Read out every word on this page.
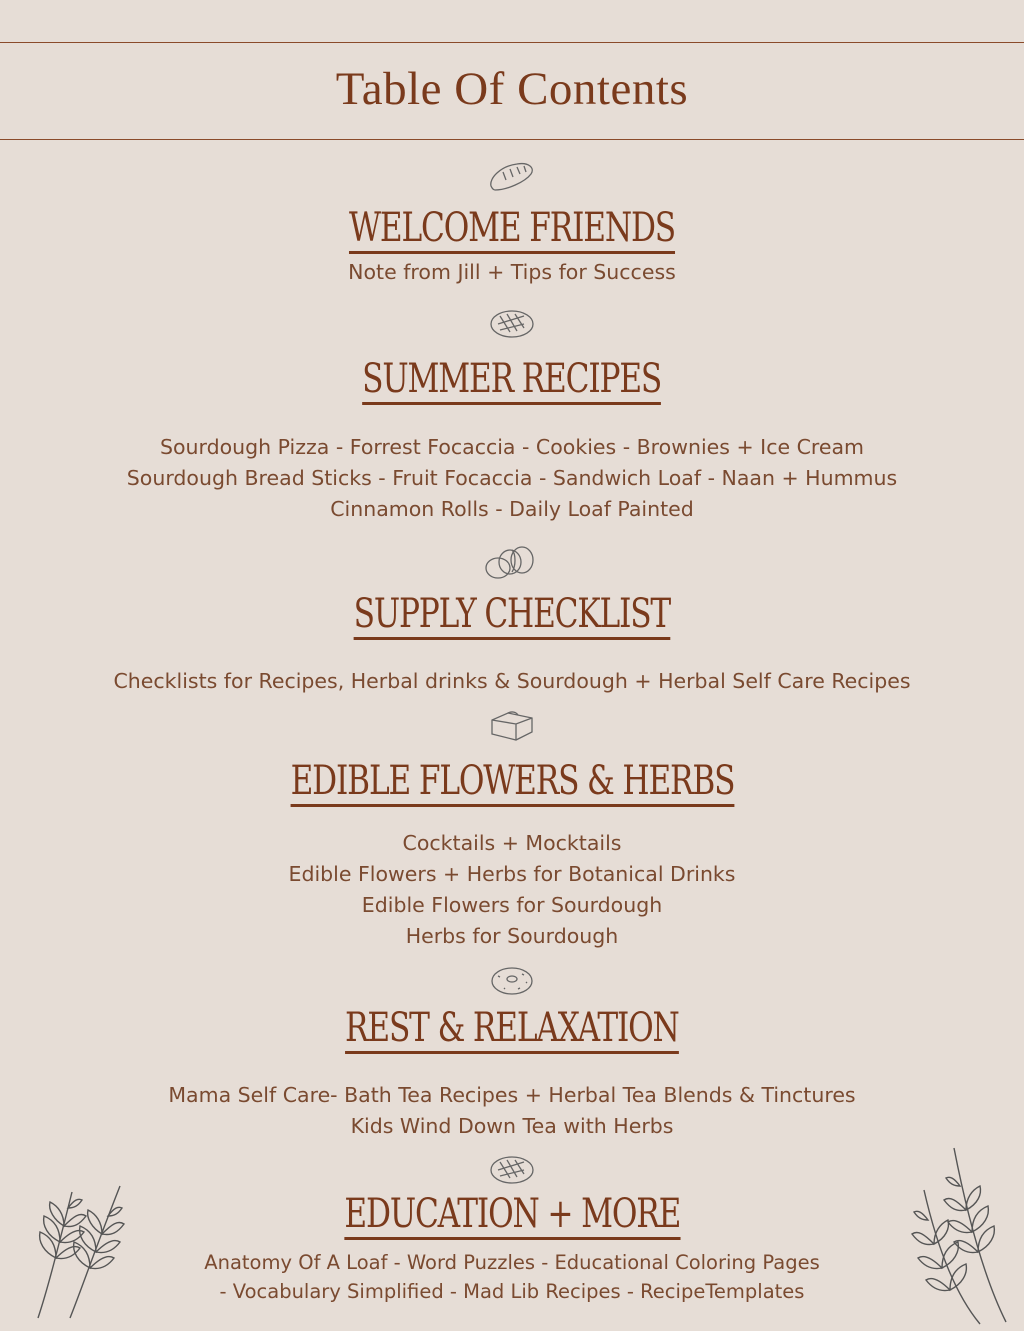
Table Of Contents
WELCOME FRIENDS
Note from Jill + Tips for Success
SUMMER RECIPES
Sourdough Pizza - Forrest Focaccia - Cookies - Brownies + Ice Cream
Sourdough Bread Sticks - Fruit Focaccia - Sandwich Loaf - Naan + Hummus
Cinnamon Rolls - Daily Loaf Painted
SUPPLY CHECKLIST
Checklists for Recipes, Herbal drinks & Sourdough + Herbal Self Care Recipes
EDIBLE FLOWERS & HERBS
Cocktails + Mocktails
Edible Flowers + Herbs for Botanical Drinks
Edible Flowers for Sourdough
Herbs for Sourdough
REST & RELAXATION
Mama Self Care- Bath Tea Recipes + Herbal Tea Blends & Tinctures
Kids Wind Down Tea with Herbs
EDUCATION + MORE
Anatomy Of A Loaf - Word Puzzles - Educational Coloring Pages
- Vocabulary Simplified - Mad Lib Recipes - RecipeTemplates
